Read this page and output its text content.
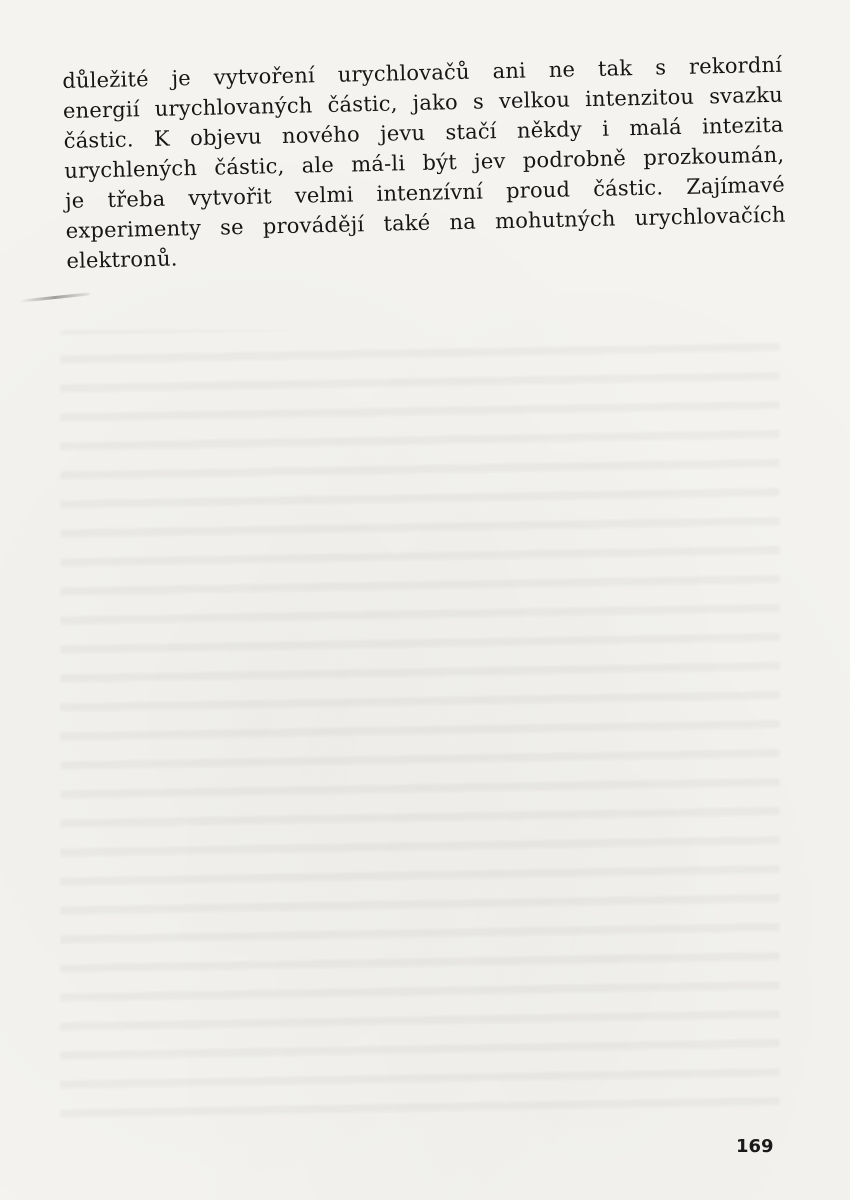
důležité je vytvoření urychlovačů ani ne tak s rekordní
energií urychlovaných částic, jako s velkou intenzitou svazku
částic. K objevu nového jevu stačí někdy i malá intezita
urychlených částic, ale má-li být jev podrobně prozkoumán,
je třeba vytvořit velmi intenzívní proud částic. Zajímavé
experimenty se provádějí také na mohutných urychlovačích
elektronů.

169
